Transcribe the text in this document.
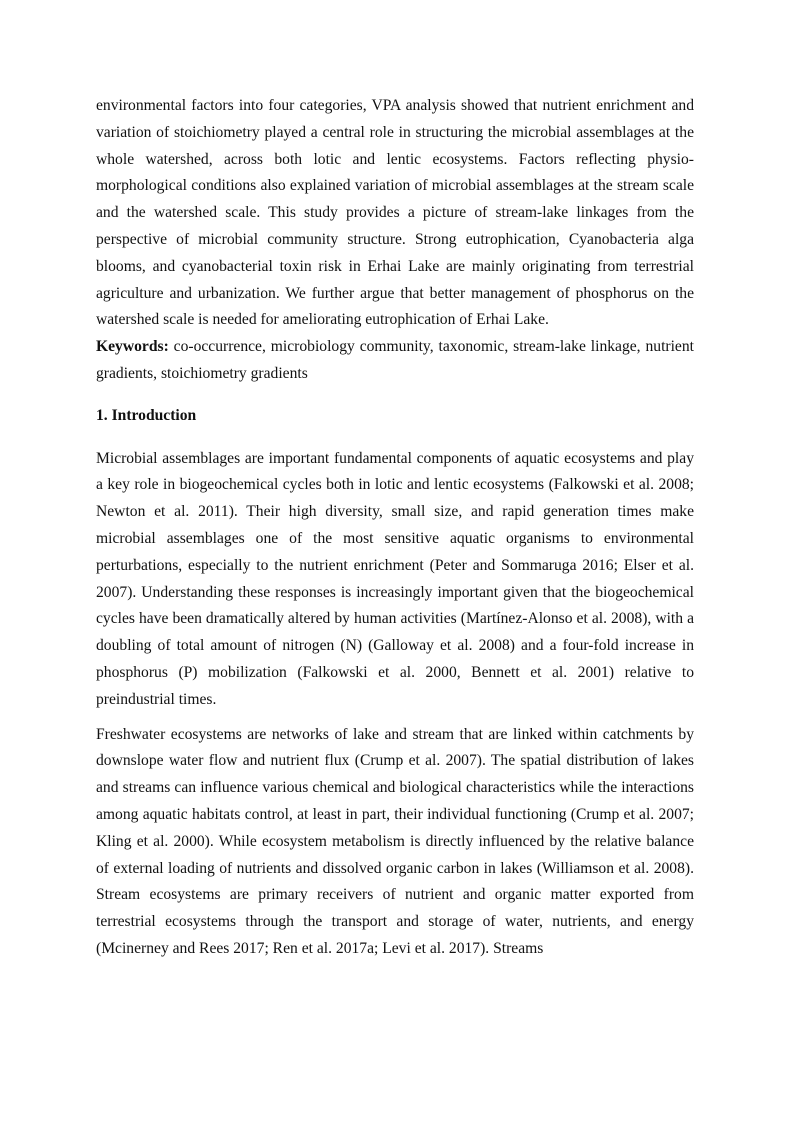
environmental factors into four categories, VPA analysis showed that nutrient enrichment and variation of stoichiometry played a central role in structuring the microbial assemblages at the whole watershed, across both lotic and lentic ecosystems. Factors reflecting physio-morphological conditions also explained variation of microbial assemblages at the stream scale and the watershed scale. This study provides a picture of stream-lake linkages from the perspective of microbial community structure. Strong eutrophication, Cyanobacteria alga blooms, and cyanobacterial toxin risk in Erhai Lake are mainly originating from terrestrial agriculture and urbanization. We further argue that better management of phosphorus on the watershed scale is needed for ameliorating eutrophication of Erhai Lake.

Keywords: co-occurrence, microbiology community, taxonomic, stream-lake linkage, nutrient gradients, stoichiometry gradients

1. Introduction

Microbial assemblages are important fundamental components of aquatic ecosystems and play a key role in biogeochemical cycles both in lotic and lentic ecosystems (Falkowski et al. 2008; Newton et al. 2011). Their high diversity, small size, and rapid generation times make microbial assemblages one of the most sensitive aquatic organisms to environmental perturbations, especially to the nutrient enrichment (Peter and Sommaruga 2016; Elser et al. 2007). Understanding these responses is increasingly important given that the biogeochemical cycles have been dramatically altered by human activities (Martínez-Alonso et al. 2008), with a doubling of total amount of nitrogen (N) (Galloway et al. 2008) and a four-fold increase in phosphorus (P) mobilization (Falkowski et al. 2000, Bennett et al. 2001) relative to preindustrial times.

Freshwater ecosystems are networks of lake and stream that are linked within catchments by downslope water flow and nutrient flux (Crump et al. 2007). The spatial distribution of lakes and streams can influence various chemical and biological characteristics while the interactions among aquatic habitats control, at least in part, their individual functioning (Crump et al. 2007; Kling et al. 2000). While ecosystem metabolism is directly influenced by the relative balance of external loading of nutrients and dissolved organic carbon in lakes (Williamson et al. 2008). Stream ecosystems are primary receivers of nutrient and organic matter exported from terrestrial ecosystems through the transport and storage of water, nutrients, and energy (Mcinerney and Rees 2017; Ren et al. 2017a; Levi et al. 2017). Streams
